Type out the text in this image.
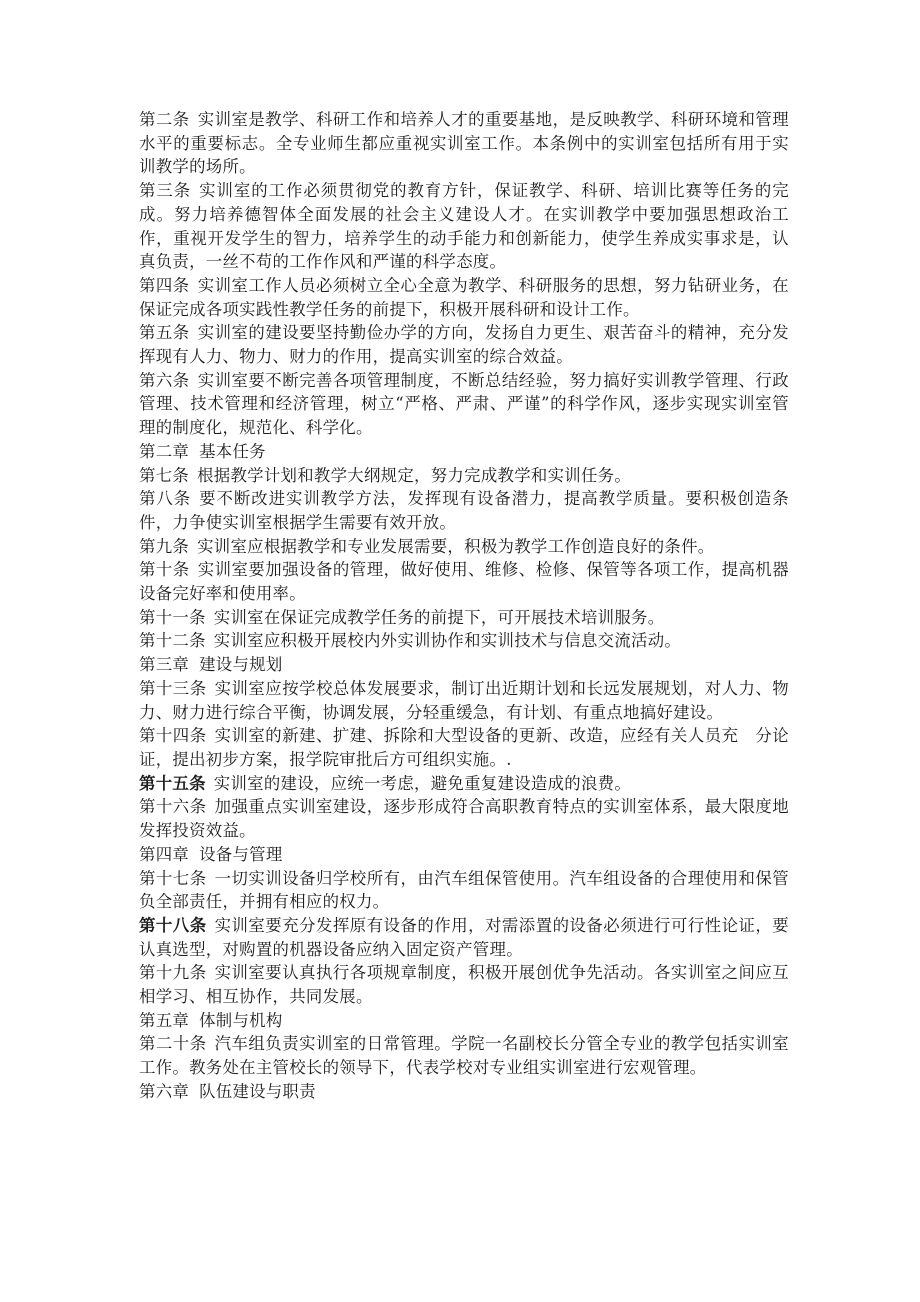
第二条 实训室是教学、科研工作和培养人才的重要基地，是反映教学、科研环境和管理水平的重要标志。全专业师生都应重视实训室工作。本条例中的实训室包括所有用于实训教学的场所。

第三条 实训室的工作必须贯彻党的教育方针，保证教学、科研、培训比赛等任务的完成。努力培养德智体全面发展的社会主义建设人才。在实训教学中要加强思想政治工作，重视开发学生的智力，培养学生的动手能力和创新能力，使学生养成实事求是，认真负责，一丝不苟的工作作风和严谨的科学态度。

第四条 实训室工作人员必须树立全心全意为教学、科研服务的思想，努力钻研业务，在保证完成各项实践性教学任务的前提下，积极开展科研和设计工作。

第五条 实训室的建设要坚持勤俭办学的方向，发扬自力更生、艰苦奋斗的精神，充分发挥现有人力、物力、财力的作用，提高实训室的综合效益。

第六条 实训室要不断完善各项管理制度，不断总结经验，努力搞好实训教学管理、行政管理、技术管理和经济管理，树立“严格、严肃、严谨”的科学作风，逐步实现实训室管理的制度化，规范化、科学化。

第二章 基本任务

第七条 根据教学计划和教学大纲规定，努力完成教学和实训任务。

第八条 要不断改进实训教学方法，发挥现有设备潜力，提高教学质量。要积极创造条件，力争使实训室根据学生需要有效开放。

第九条 实训室应根据教学和专业发展需要，积极为教学工作创造良好的条件。

第十条 实训室要加强设备的管理，做好使用、维修、检修、保管等各项工作，提高机器设备完好率和使用率。

第十一条 实训室在保证完成教学任务的前提下，可开展技术培训服务。

第十二条 实训室应积极开展校内外实训协作和实训技术与信息交流活动。

第三章 建设与规划

第十三条 实训室应按学校总体发展要求，制订出近期计划和长远发展规划，对人力、物力、财力进行综合平衡，协调发展，分轻重缓急，有计划、有重点地搞好建设。

第十四条 实训室的新建、扩建、拆除和大型设备的更新、改造，应经有关人员充　分论证，提出初步方案，报学院审批后方可组织实施。.

第十五条 实训室的建设，应统一考虑，避免重复建设造成的浪费。

第十六条 加强重点实训室建设，逐步形成符合高职教育特点的实训室体系，最大限度地发挥投资效益。

第四章 设备与管理

第十七条 一切实训设备归学校所有，由汽车组保管使用。汽车组设备的合理使用和保管负全部责任，并拥有相应的权力。

第十八条 实训室要充分发挥原有设备的作用，对需添置的设备必须进行可行性论证，要认真选型，对购置的机器设备应纳入固定资产管理。

第十九条 实训室要认真执行各项规章制度，积极开展创优争先活动。各实训室之间应互相学习、相互协作，共同发展。

第五章 体制与机构

第二十条 汽车组负责实训室的日常管理。学院一名副校长分管全专业的教学包括实训室工作。教务处在主管校长的领导下，代表学校对专业组实训室进行宏观管理。

第六章 队伍建设与职责
